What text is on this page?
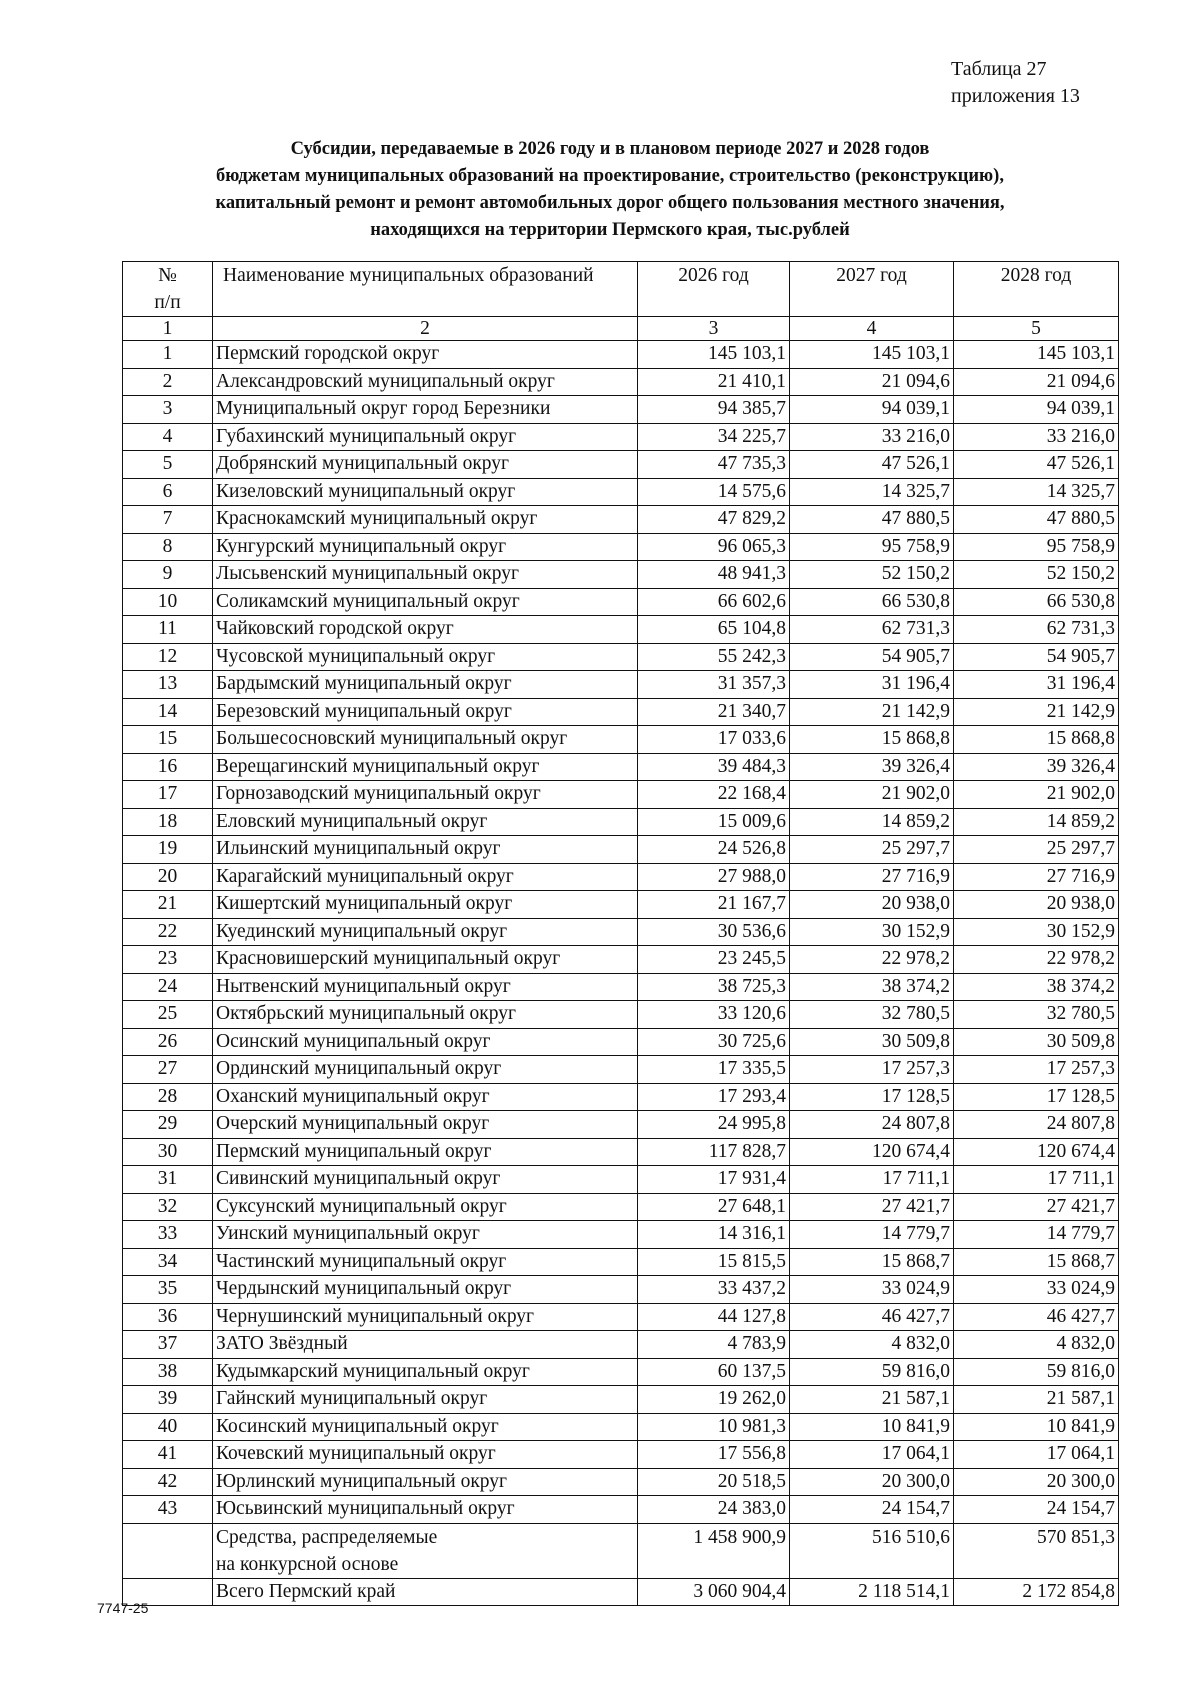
Таблица 27
приложения 13
Субсидии, передаваемые в 2026 году и в плановом периоде 2027 и 2028 годов
бюджетам муниципальных образований на проектирование, строительство (реконструкцию),
капитальный ремонт и ремонт автомобильных дорог общего пользования местного значения,
находящихся на территории Пермского края, тыс.рублей
№
п/п	Наименование муниципальных образований	2026 год	2027 год	2028 год
1	2	3	4	5
1	Пермский городской округ	145 103,1	145 103,1	145 103,1
2	Александровский муниципальный округ	21 410,1	21 094,6	21 094,6
3	Муниципальный округ город Березники	94 385,7	94 039,1	94 039,1
4	Губахинский муниципальный округ	34 225,7	33 216,0	33 216,0
5	Добрянский муниципальный округ	47 735,3	47 526,1	47 526,1
6	Кизеловский муниципальный округ	14 575,6	14 325,7	14 325,7
7	Краснокамский муниципальный округ	47 829,2	47 880,5	47 880,5
8	Кунгурский муниципальный округ	96 065,3	95 758,9	95 758,9
9	Лысьвенский муниципальный округ	48 941,3	52 150,2	52 150,2
10	Соликамский муниципальный округ	66 602,6	66 530,8	66 530,8
11	Чайковский городской округ	65 104,8	62 731,3	62 731,3
12	Чусовской муниципальный округ	55 242,3	54 905,7	54 905,7
13	Бардымский муниципальный округ	31 357,3	31 196,4	31 196,4
14	Березовский муниципальный округ	21 340,7	21 142,9	21 142,9
15	Большесосновский муниципальный округ	17 033,6	15 868,8	15 868,8
16	Верещагинский муниципальный округ	39 484,3	39 326,4	39 326,4
17	Горнозаводский муниципальный округ	22 168,4	21 902,0	21 902,0
18	Еловский муниципальный округ	15 009,6	14 859,2	14 859,2
19	Ильинский муниципальный округ	24 526,8	25 297,7	25 297,7
20	Карагайский муниципальный округ	27 988,0	27 716,9	27 716,9
21	Кишертский муниципальный округ	21 167,7	20 938,0	20 938,0
22	Куединский муниципальный округ	30 536,6	30 152,9	30 152,9
23	Красновишерский муниципальный округ	23 245,5	22 978,2	22 978,2
24	Нытвенский муниципальный округ	38 725,3	38 374,2	38 374,2
25	Октябрьский муниципальный округ	33 120,6	32 780,5	32 780,5
26	Осинский муниципальный округ	30 725,6	30 509,8	30 509,8
27	Ординский муниципальный округ	17 335,5	17 257,3	17 257,3
28	Оханский муниципальный округ	17 293,4	17 128,5	17 128,5
29	Очерский муниципальный округ	24 995,8	24 807,8	24 807,8
30	Пермский муниципальный округ	117 828,7	120 674,4	120 674,4
31	Сивинский муниципальный округ	17 931,4	17 711,1	17 711,1
32	Суксунский муниципальный округ	27 648,1	27 421,7	27 421,7
33	Уинский муниципальный округ	14 316,1	14 779,7	14 779,7
34	Частинский муниципальный округ	15 815,5	15 868,7	15 868,7
35	Чердынский муниципальный округ	33 437,2	33 024,9	33 024,9
36	Чернушинский муниципальный округ	44 127,8	46 427,7	46 427,7
37	ЗАТО Звёздный	4 783,9	4 832,0	4 832,0
38	Кудымкарский муниципальный округ	60 137,5	59 816,0	59 816,0
39	Гайнский муниципальный округ	19 262,0	21 587,1	21 587,1
40	Косинский муниципальный округ	10 981,3	10 841,9	10 841,9
41	Кочевский муниципальный округ	17 556,8	17 064,1	17 064,1
42	Юрлинский муниципальный округ	20 518,5	20 300,0	20 300,0
43	Юсьвинский муниципальный округ	24 383,0	24 154,7	24 154,7

	Средства, распределяемые
на конкурсной основе	1 458 900,9	516 510,6	570 851,3
	Всего Пермский край	3 060 904,4	2 118 514,1	2 172 854,8
7747-25
